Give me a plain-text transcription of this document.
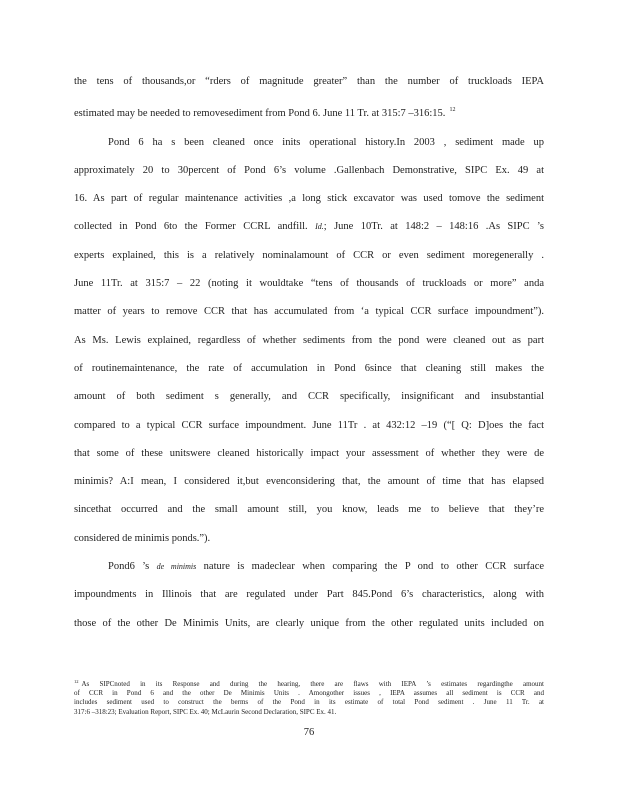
the tens of thousands,or “rders of magnitude greater” than the number of truckloads IEPA
estimated may be needed to removesediment from Pond 6. June 11 Tr. at 315:7 –316:15. $^{12}$

Pond 6 ha s been cleaned once inits operational history.In 2003 , sediment made up
approximately 20 to 30percent of Pond 6’s volume .Gallenbach Demonstrative, SIPC Ex. 49 at
16. As part of regular maintenance activities ,a long stick excavator was used tomove the sediment
collected in Pond 6to the Former CCRL andfill. Id.; June 10Tr. at 148:2 – 148:16 .As SIPC ’s
experts explained, this is a relatively nominalamount of CCR or even sediment moregenerally .
June 11Tr. at 315:7 – 22 (noting it wouldtake “tens of thousands of truckloads or more” anda
matter of years to remove CCR that has accumulated from ‘a typical CCR surface impoundment”).
As Ms. Lewis explained, regardless of whether sediments from the pond were cleaned out as part
of routinemaintenance, the rate of accumulation in Pond 6since that cleaning still makes the
amount of both sediment s generally, and CCR specifically, insignificant and insubstantial
compared to a typical CCR surface impoundment. June 11Tr . at 432:12 –19 (“[ Q: D]oes the fact
that some of these unitswere cleaned historically impact your assessment of whether they were de
minimis? A:I mean, I considered it,but evenconsidering that, the amount of time that has elapsed
sincethat occurred and the small amount still, you know, leads me to believe that they’re
considered de minimis ponds.”).

Pond6 ’s de minimis nature is madeclear when comparing the P ond to other CCR surface
impoundments in Illinois that are regulated under Part 845.Pond 6’s characteristics, along with
those of the other De Minimis Units, are clearly unique from the other regulated units included on

$^{12}$ As SIPCnoted in its Response and during the hearing, there are flaws with IEPA ’s estimates regardingthe amount
of CCR in Pond 6 and the other De Minimis Units . Amongother issues , IEPA assumes all sediment is CCR and
includes sediment used to construct the berms of the Pond in its estimate of total Pond sediment . June 11 Tr. at
317:6 –318:23; Evaluation Report, SIPC Ex. 40; McLaurin Second Declaration, SIPC Ex. 41.
76
